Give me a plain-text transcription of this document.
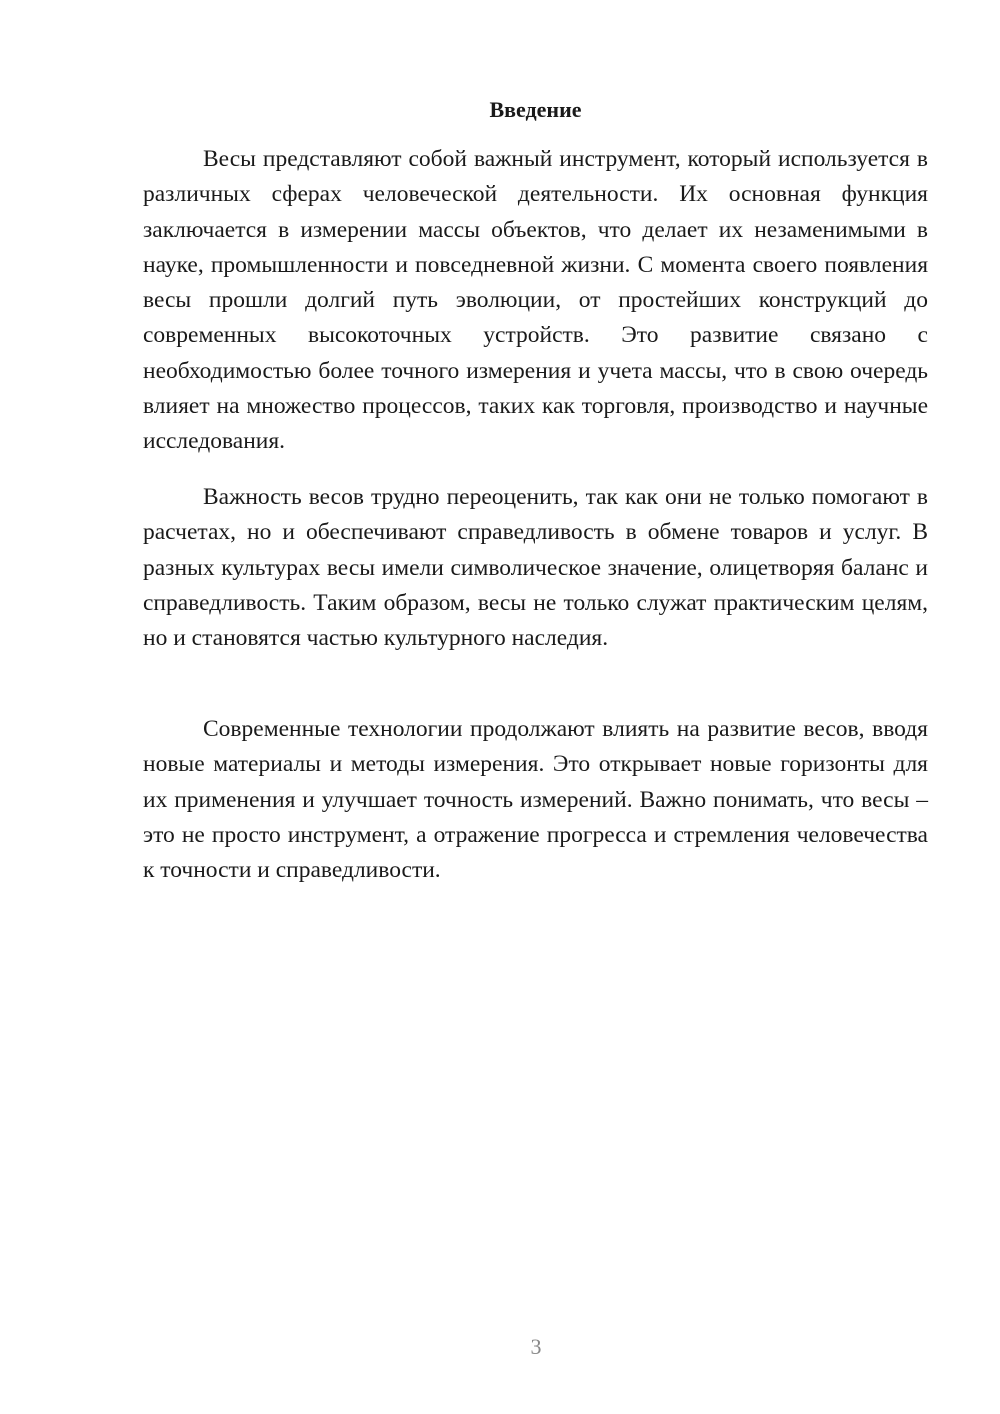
Введение

Весы представляют собой важный инструмент, который используется в различных сферах человеческой деятельности. Их основная функция заключается в измерении массы объектов, что делает их незаменимыми в науке, промышленности и повседневной жизни. С момента своего появления весы прошли долгий путь эволюции, от простейших конструкций до современных высокоточных устройств. Это развитие связано с необходимостью более точного измерения и учета массы, что в свою очередь влияет на множество процессов, таких как торговля, производство и научные исследования.

Важность весов трудно переоценить, так как они не только помогают в расчетах, но и обеспечивают справедливость в обмене товаров и услуг. В разных культурах весы имели символическое значение, олицетворяя баланс и справедливость. Таким образом, весы не только служат практическим целям, но и становятся частью культурного наследия.

Современные технологии продолжают влиять на развитие весов, вводя новые материалы и методы измерения. Это открывает новые горизонты для их применения и улучшает точность измерений. Важно понимать, что весы – это не просто инструмент, а отражение прогресса и стремления человечества к точности и справедливости.

3
